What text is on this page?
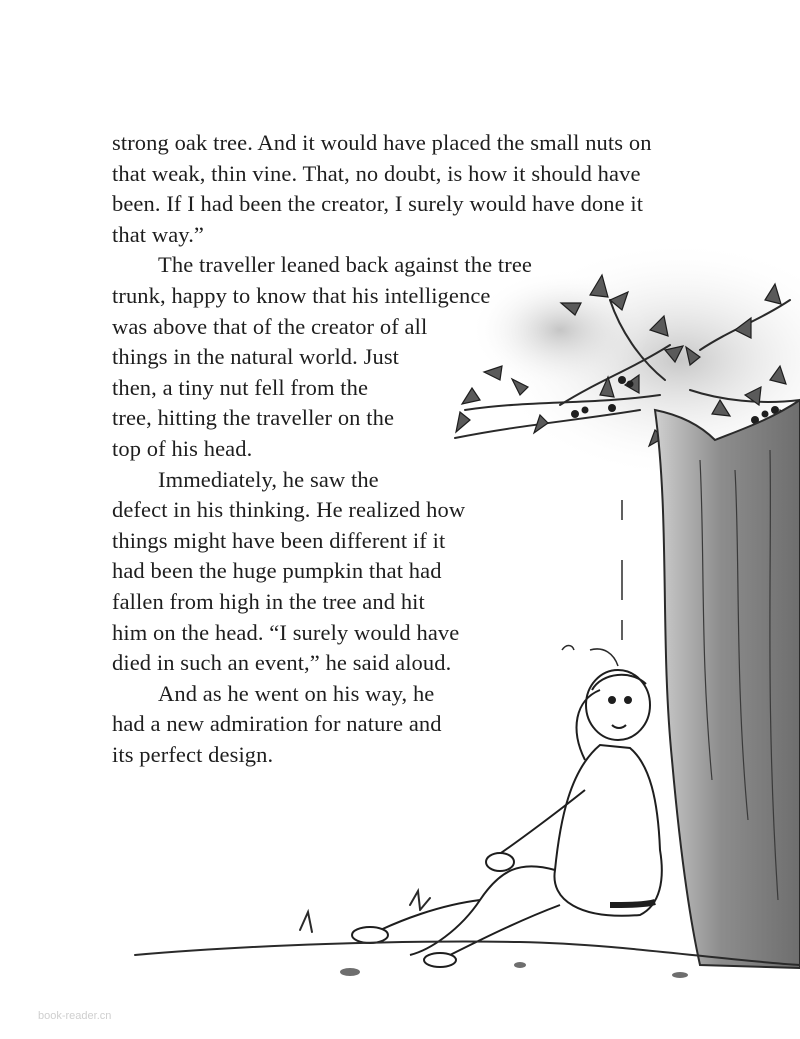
strong oak tree. And it would have placed the small nuts on
that weak, thin vine. That, no doubt, is how it should have
been. If I had been the creator, I surely would have done it
that way.”
The traveller leaned back against the tree
trunk, happy to know that his intelligence
was above that of the creator of all
things in the natural world. Just
then, a tiny nut fell from the
tree, hitting the traveller on the
top of his head.
Immediately, he saw the
defect in his thinking. He realized how
things might have been different if it
had been the huge pumpkin that had
fallen from high in the tree and hit
him on the head. “I surely would have
died in such an event,” he said aloud.
And as he went on his way, he
had a new admiration for nature and
its perfect design.
book-reader.cn
